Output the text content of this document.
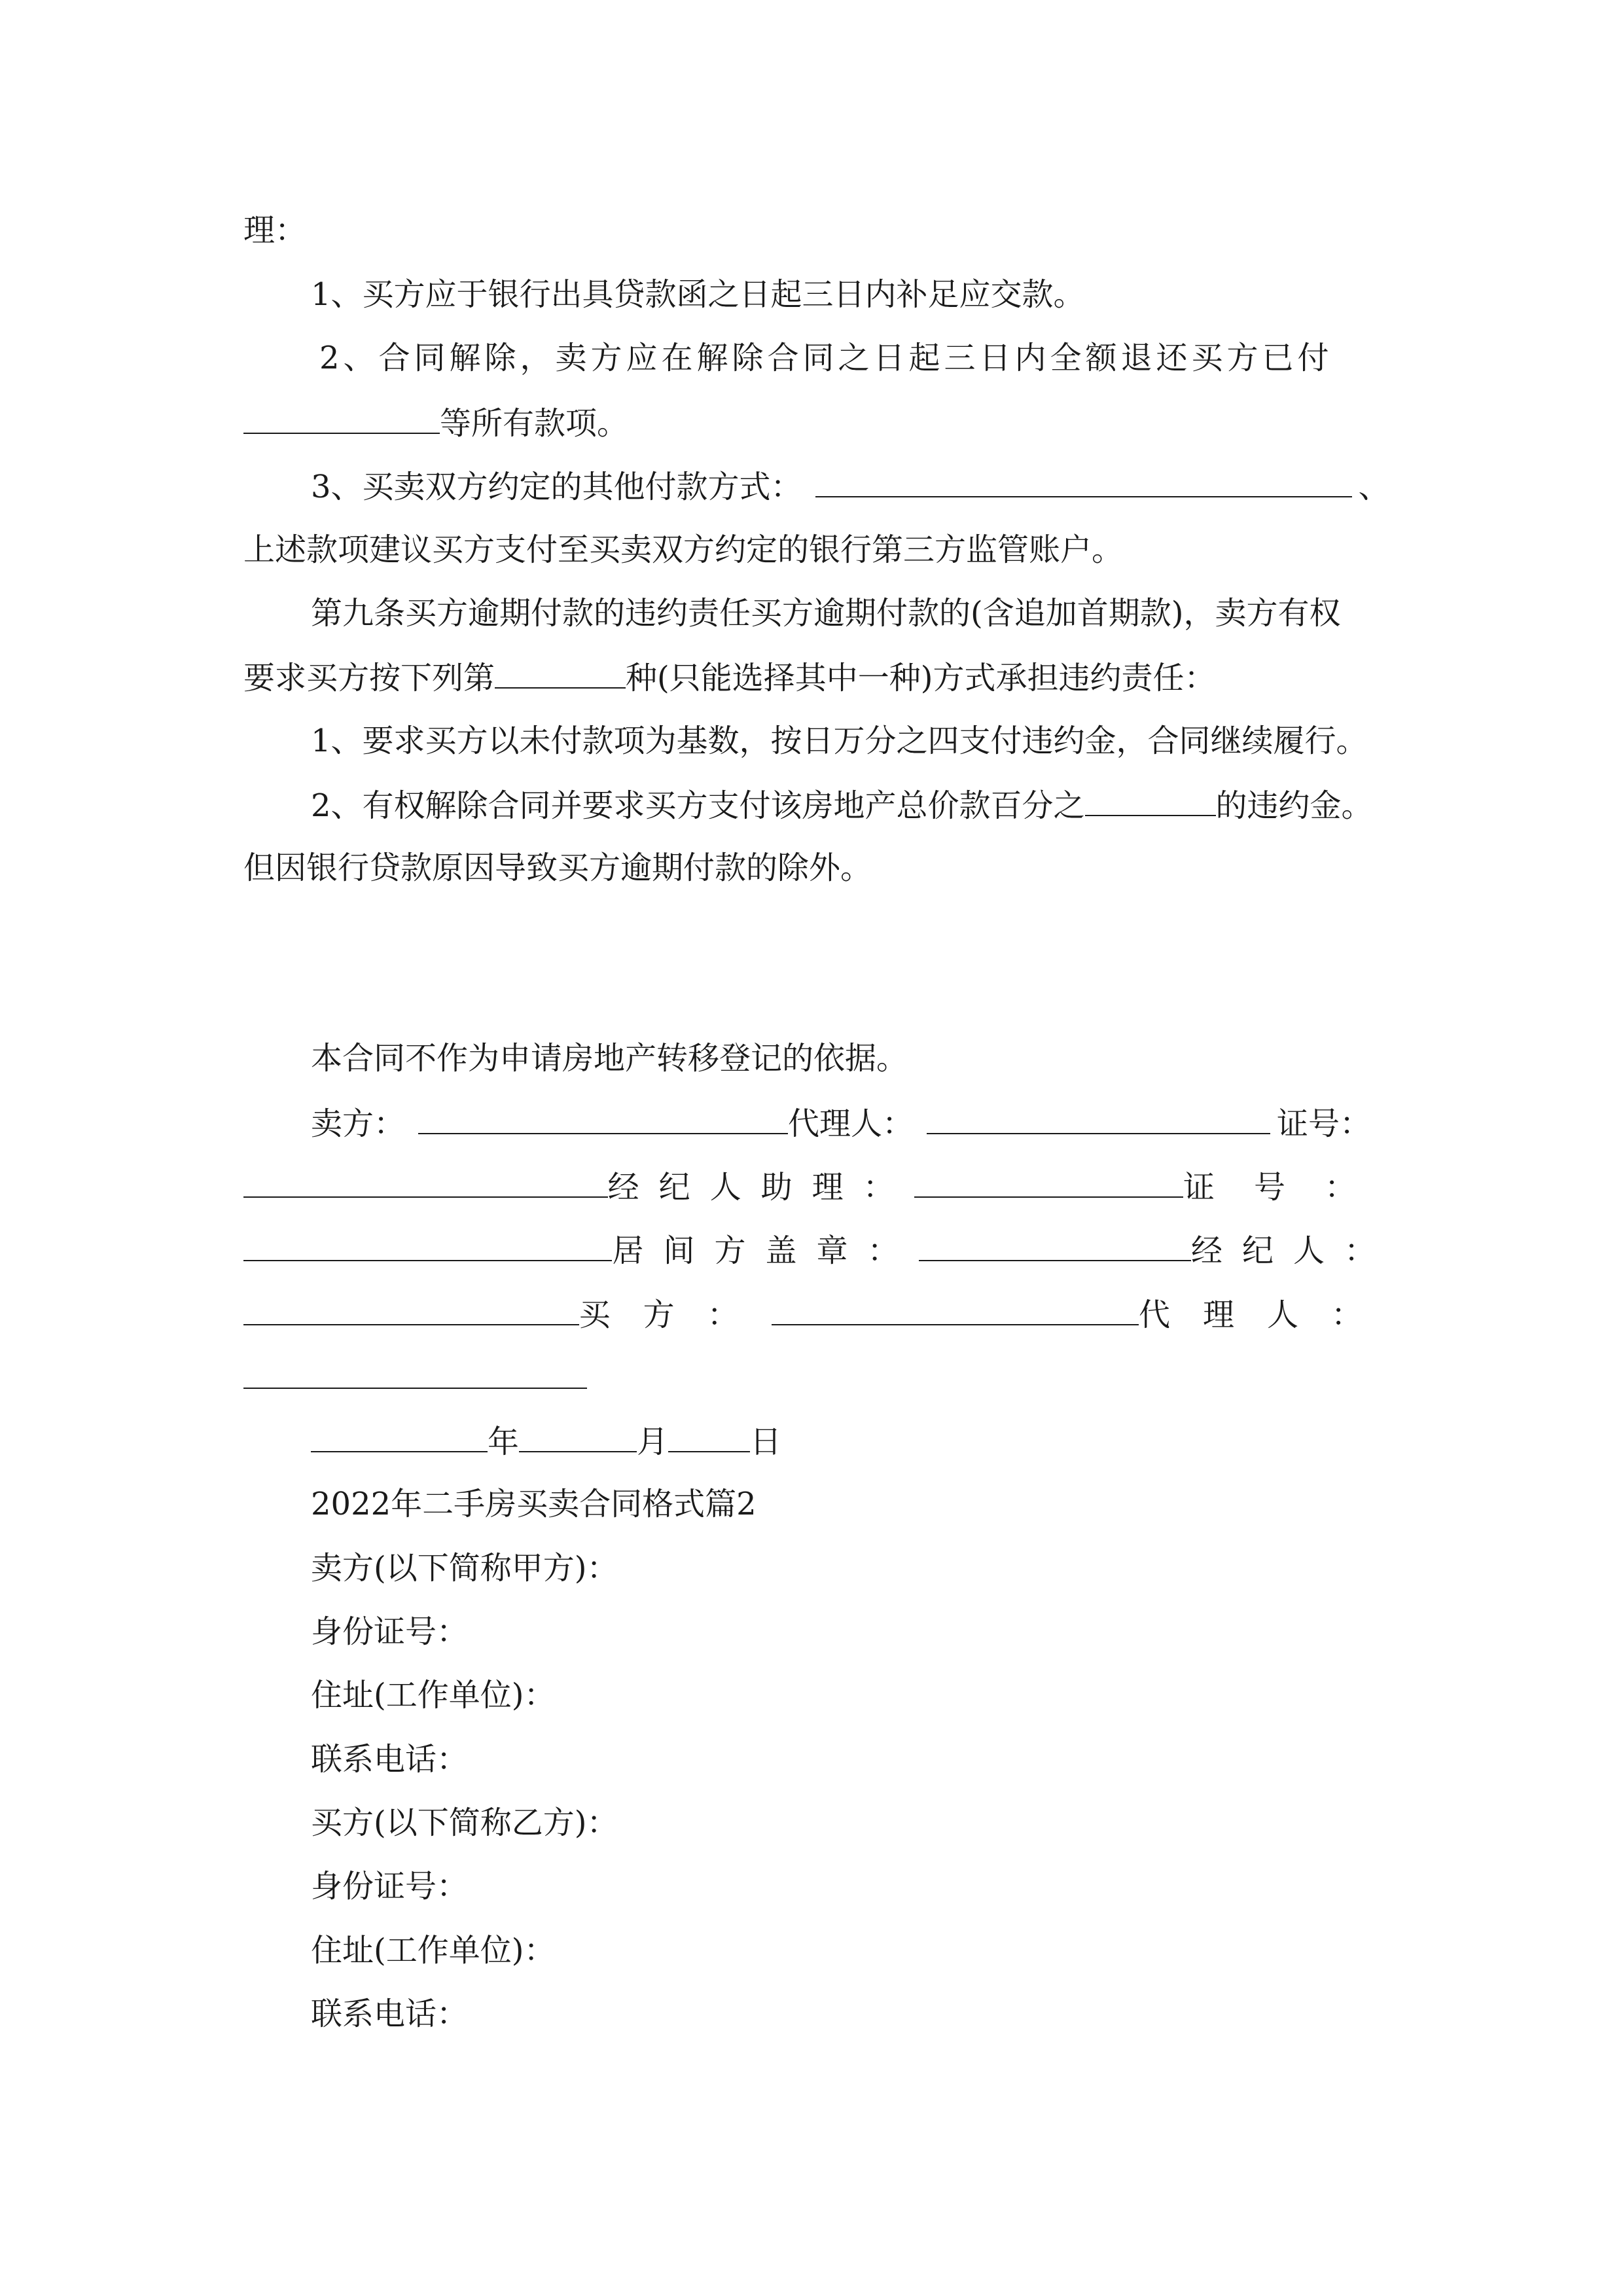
理：
1、买方应于银行出具贷款函之日起三日内补足应交款。
2、合同解除，卖方应在解除合同之日起三日内全额退还买方已付
等所有款项。
3、买卖双方约定的其他付款方式：	、
上述款项建议买方支付至买卖双方约定的银行第三方监管账户。
第九条买方逾期付款的违约责任买方逾期付款的(含追加首期款)，卖方有权
要求买方按下列第	种(只能选择其中一种)方式承担违约责任：
1、要求买方以未付款项为基数，按日万分之四支付违约金，合同继续履行。
2、有权解除合同并要求买方支付该房地产总价款百分之	的违约金。
但因银行贷款原因导致买方逾期付款的除外。
本合同不作为申请房地产转移登记的依据。
卖方：	代理人：	证号：
经纪人助理：	证号：
居间方盖章：	经纪人：
买方：	代理人：
年	月	日
2022年二手房买卖合同格式篇2
卖方(以下简称甲方)：
身份证号：
住址(工作单位)：
联系电话：
买方(以下简称乙方)：
身份证号：
住址(工作单位)：
联系电话：
